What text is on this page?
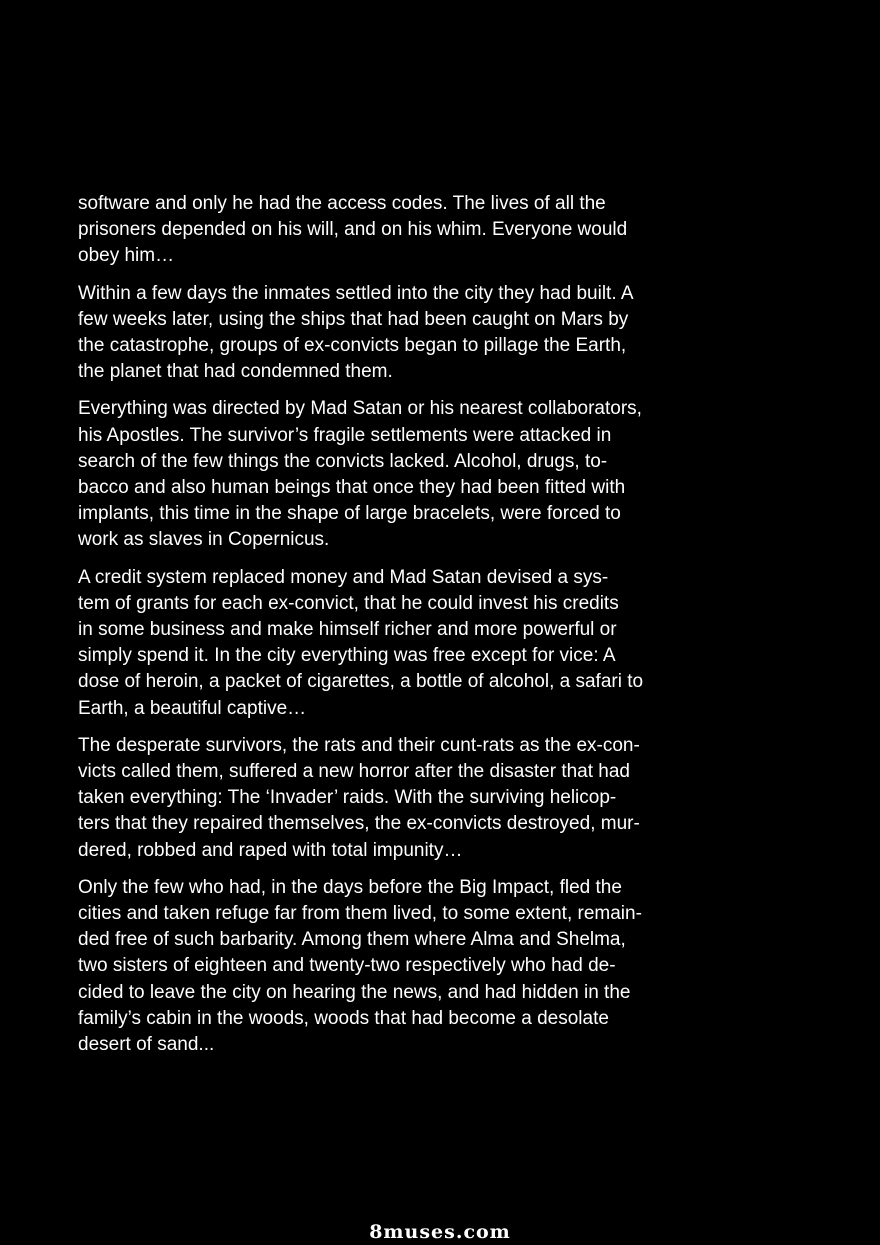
software and only he had the access codes. The lives of all the
prisoners depended on his will, and on his whim. Everyone would
obey him…

Within a few days the inmates settled into the city they had built. A
few weeks later, using the ships that had been caught on Mars by
the catastrophe, groups of ex-convicts began to pillage the Earth,
the planet that had condemned them.

Everything was directed by Mad Satan or his nearest collaborators,
his Apostles. The survivor’s fragile settlements were attacked in
search of the few things the convicts lacked. Alcohol, drugs, to-
bacco and also human beings that once they had been fitted with
implants, this time in the shape of large bracelets, were forced to
work as slaves in Copernicus.

A credit system replaced money and Mad Satan devised a sys-
tem of grants for each ex-convict, that he could invest his credits
in some business and make himself richer and more powerful or
simply spend it. In the city everything was free except for vice: A
dose of heroin, a packet of cigarettes, a bottle of alcohol, a safari to
Earth, a beautiful captive…

The desperate survivors, the rats and their cunt-rats as the ex-con-
victs called them, suffered a new horror after the disaster that had
taken everything: The ‘Invader’ raids. With the surviving helicop-
ters that they repaired themselves, the ex-convicts destroyed, mur-
dered, robbed and raped with total impunity…

Only the few who had, in the days before the Big Impact, fled the
cities and taken refuge far from them lived, to some extent, remain-
ded free of such barbarity. Among them where Alma and Shelma,
two sisters of eighteen and twenty-two respectively who had de-
cided to leave the city on hearing the news, and had hidden in the
family’s cabin in the woods, woods that had become a desolate
desert of sand...

8muses.com
